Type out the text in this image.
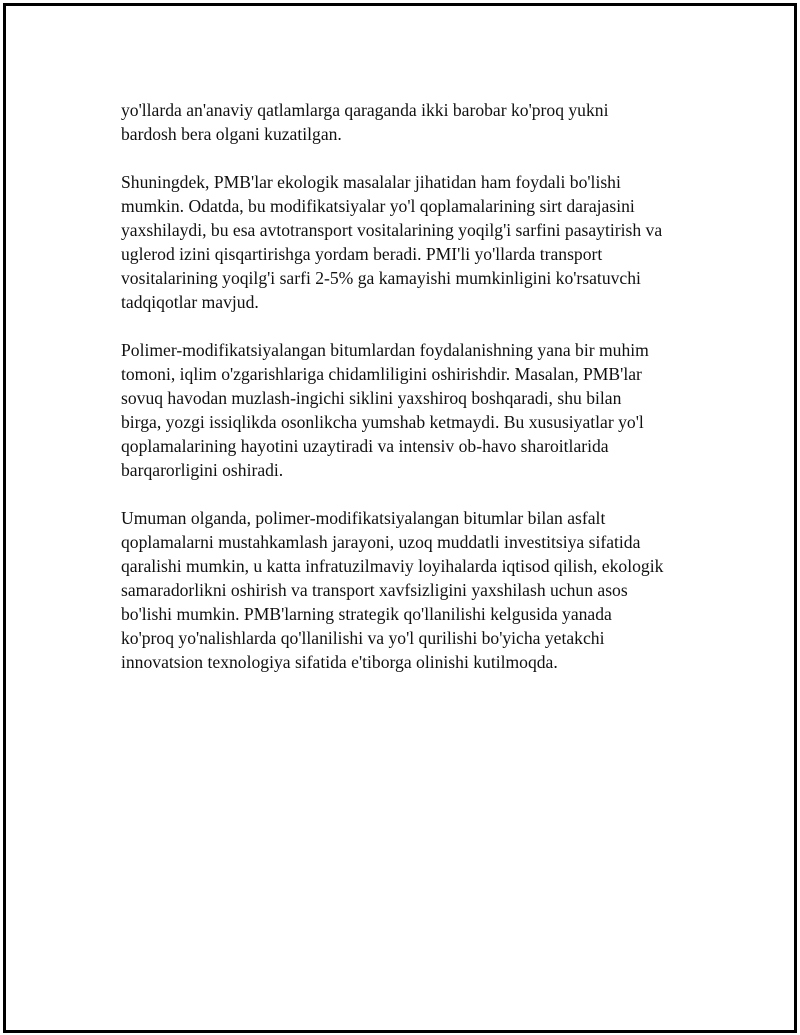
yo'llarda an'anaviy qatlamlarga qaraganda ikki barobar ko'proq yukni
bardosh bera olgani kuzatilgan.

Shuningdek, PMB'lar ekologik masalalar jihatidan ham foydali bo'lishi
mumkin. Odatda, bu modifikatsiyalar yo'l qoplamalarining sirt darajasini
yaxshilaydi, bu esa avtotransport vositalarining yoqilg'i sarfini pasaytirish va
uglerod izini qisqartirishga yordam beradi. PMI'li yo'llarda transport
vositalarining yoqilg'i sarfi 2-5% ga kamayishi mumkinligini ko'rsatuvchi
tadqiqotlar mavjud.

Polimer-modifikatsiyalangan bitumlardan foydalanishning yana bir muhim
tomoni, iqlim o'zgarishlariga chidamliligini oshirishdir. Masalan, PMB'lar
sovuq havodan muzlash-ingichi siklini yaxshiroq boshqaradi, shu bilan
birga, yozgi issiqlikda osonlikcha yumshab ketmaydi. Bu xususiyatlar yo'l
qoplamalarining hayotini uzaytiradi va intensiv ob-havo sharoitlarida
barqarorligini oshiradi.

Umuman olganda, polimer-modifikatsiyalangan bitumlar bilan asfalt
qoplamalarni mustahkamlash jarayoni, uzoq muddatli investitsiya sifatida
qaralishi mumkin, u katta infratuzilmaviy loyihalarda iqtisod qilish, ekologik
samaradorlikni oshirish va transport xavfsizligini yaxshilash uchun asos
bo'lishi mumkin. PMB'larning strategik qo'llanilishi kelgusida yanada
ko'proq yo'nalishlarda qo'llanilishi va yo'l qurilishi bo'yicha yetakchi
innovatsion texnologiya sifatida e'tiborga olinishi kutilmoqda.
